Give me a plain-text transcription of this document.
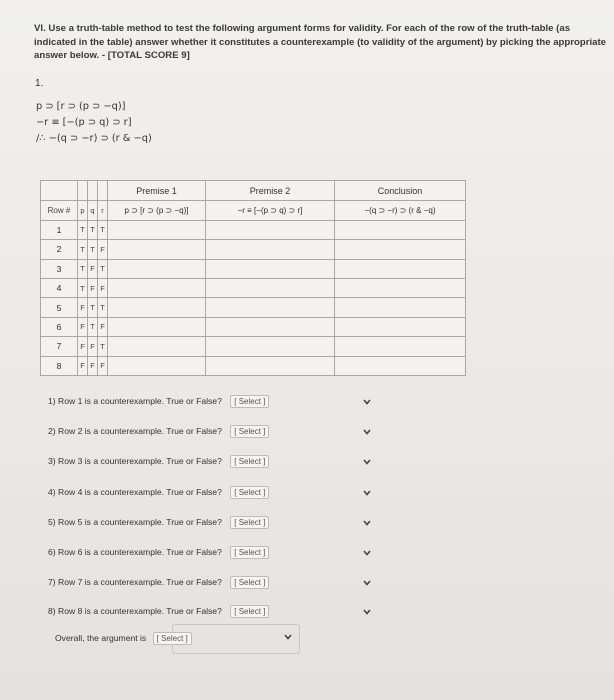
VI. Use a truth-table method to test the following argument forms for validity. For each of the row of the truth-table (as indicated in the table) answer whether it constitutes a counterexample (to validity of the argument) by picking the appropriate answer below. - [TOTAL SCORE 9]
1.
p ⊃ [r ⊃ (p ⊃ −q)]
−r ≡ [−(p ⊃ q) ⊃ r]
/∴ −(q ⊃ −r) ⊃ (r & −q)
				Premise 1	Premise 2	Conclusion
Row #	p	q	r	p ⊃ [r ⊃ (p ⊃ −q)]	−r ≡ [−(p ⊃ q) ⊃ r]	−(q ⊃ −r) ⊃ (r & −q)
1	T	T	T			
2	T	T	F			
3	T	F	T			
4	T	F	F			
5	F	T	T			
6	F	T	F			
7	F	F	T			
8	F	F	F			
1) Row 1 is a counterexample. True or False? [ Select ]
2) Row 2 is a counterexample. True or False? [ Select ]
3) Row 3 is a counterexample. True or False? [ Select ]
4) Row 4 is a counterexample. True or False? [ Select ]
5) Row 5 is a counterexample. True or False? [ Select ]
6) Row 6 is a counterexample. True or False? [ Select ]
7) Row 7 is a counterexample. True or False? [ Select ]
8) Row 8 is a counterexample. True or False? [ Select ]
Overall, the argument is [ Select ]
